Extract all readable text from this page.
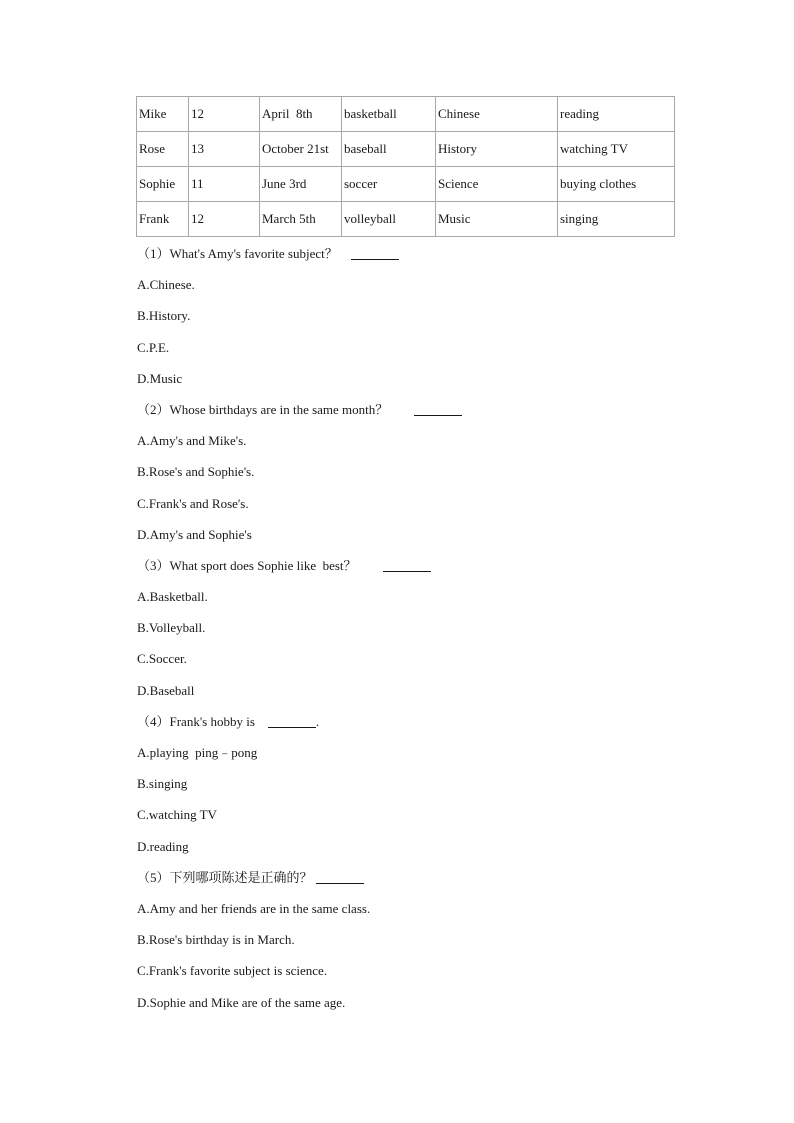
Mike	12	April  8th	basketball	Chinese	reading
Rose	13	October 21st	baseball	History	watching TV
Sophie	11	June 3rd	soccer	Science	buying clothes
Frank	12	March 5th	volleyball	Music	singing
（1）What's Amy's favorite subject？
A.Chinese.
B.History.
C.P.E.
D.Music
（2）Whose birthdays are in the same month？
A.Amy's and Mike's.
B.Rose's and Sophie's.
C.Frank's and Rose's.
D.Amy's and Sophie's
（3）What sport does Sophie like  best？
A.Basketball.
B.Volleyball.
C.Soccer.
D.Baseball
（4）Frank's hobby is	.
A.playing  ping﹣pong
B.singing
C.watching TV
D.reading
（5）下列哪项陈述是正确的？
A.Amy and her friends are in the same class.
B.Rose's birthday is in March.
C.Frank's favorite subject is science.
D.Sophie and Mike are of the same age.
